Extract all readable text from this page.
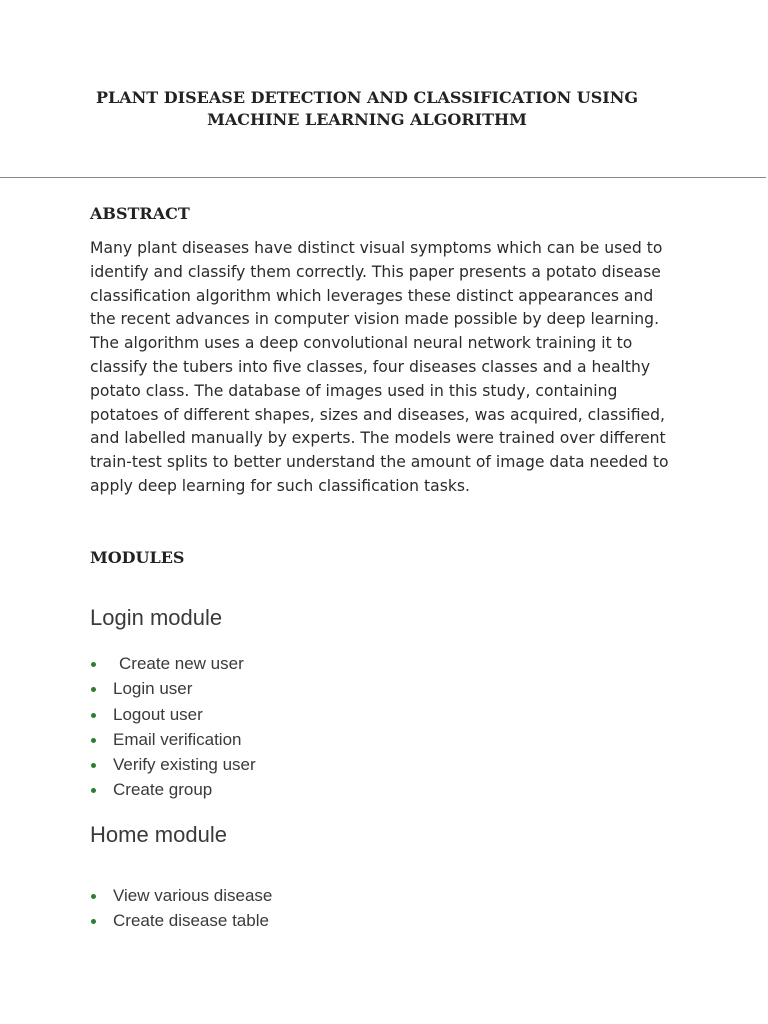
PLANT DISEASE DETECTION AND CLASSIFICATION USING
MACHINE LEARNING ALGORITHM
ABSTRACT
Many plant diseases have distinct visual symptoms which can be used to
identify and classify them correctly. This paper presents a potato disease
classification algorithm which leverages these distinct appearances and
the recent advances in computer vision made possible by deep learning.
The algorithm uses a deep convolutional neural network training it to
classify the tubers into five classes, four diseases classes and a healthy
potato class. The database of images used in this study, containing
potatoes of different shapes, sizes and diseases, was acquired, classified,
and labelled manually by experts. The models were trained over different
train-test splits to better understand the amount of image data needed to
apply deep learning for such classification tasks.
MODULES
Login module
Create new user
Login user
Logout user
Email verification
Verify existing user
Create group
Home module
View various disease
Create disease table
